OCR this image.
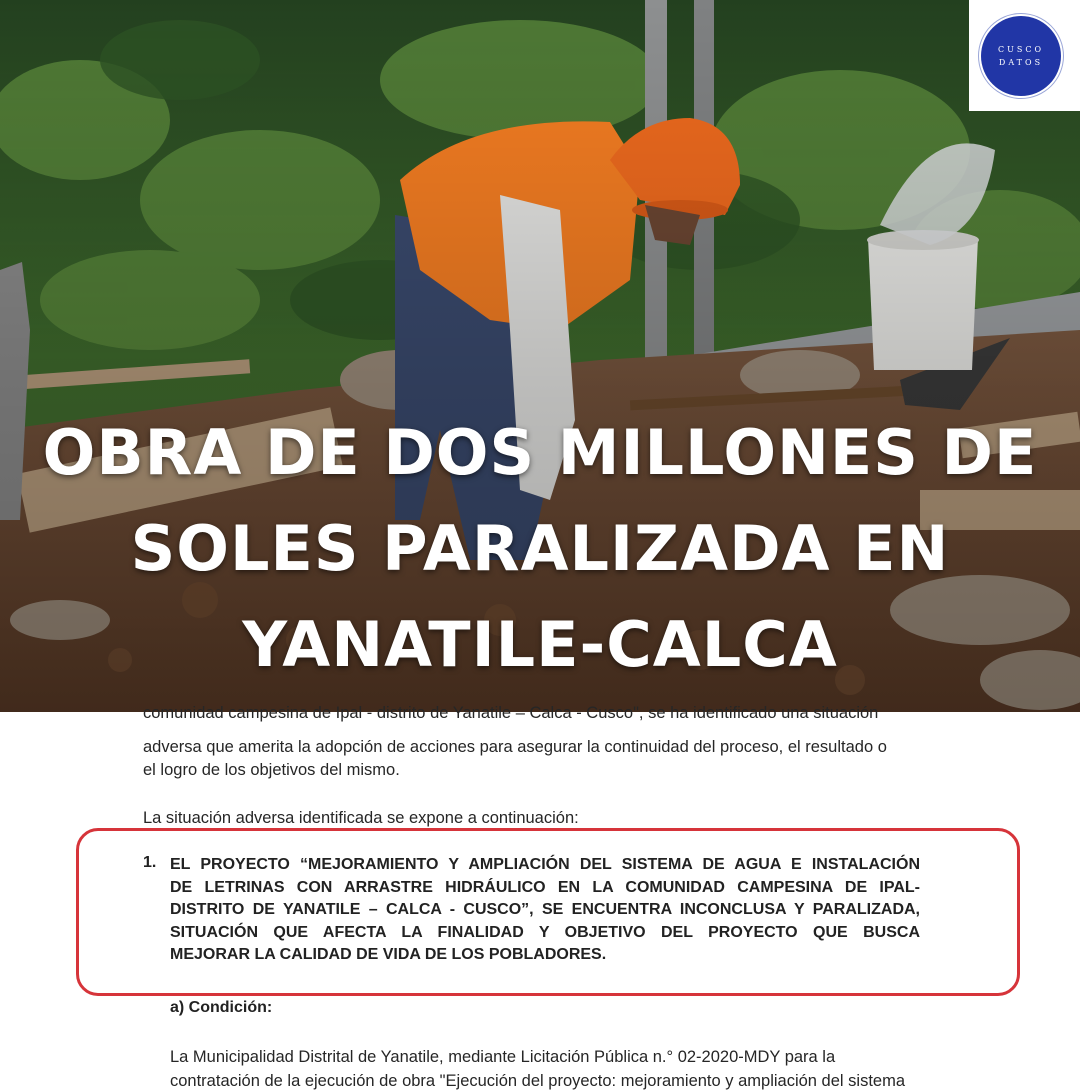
OBRA DE DOS MILLONES DE
SOLES PARALIZADA EN
YANATILE-CALCA
CUSCO
DATOS

comunidad campesina de Ipal - distrito de Yanatile – Calca - Cusco", se ha identificado una situación

adversa que amerita la adopción de acciones para asegurar la continuidad del proceso, el resultado o

el logro de los objetivos del mismo.

La situación adversa identificada se expone a continuación:

1. EL PROYECTO “MEJORAMIENTO Y AMPLIACIÓN DEL SISTEMA DE AGUA E INSTALACIÓN
DE LETRINAS CON ARRASTRE HIDRÁULICO EN LA COMUNIDAD CAMPESINA DE IPAL-
DISTRITO DE YANATILE – CALCA - CUSCO”, SE ENCUENTRA INCONCLUSA Y PARALIZADA,
SITUACIÓN QUE AFECTA LA FINALIDAD Y OBJETIVO DEL PROYECTO QUE BUSCA
MEJORAR LA CALIDAD DE VIDA DE LOS POBLADORES.
a) Condición:

La Municipalidad Distrital de Yanatile, mediante Licitación Pública n.° 02-2020-MDY para la

contratación de la ejecución de obra "Ejecución del proyecto: mejoramiento y ampliación del sistema
